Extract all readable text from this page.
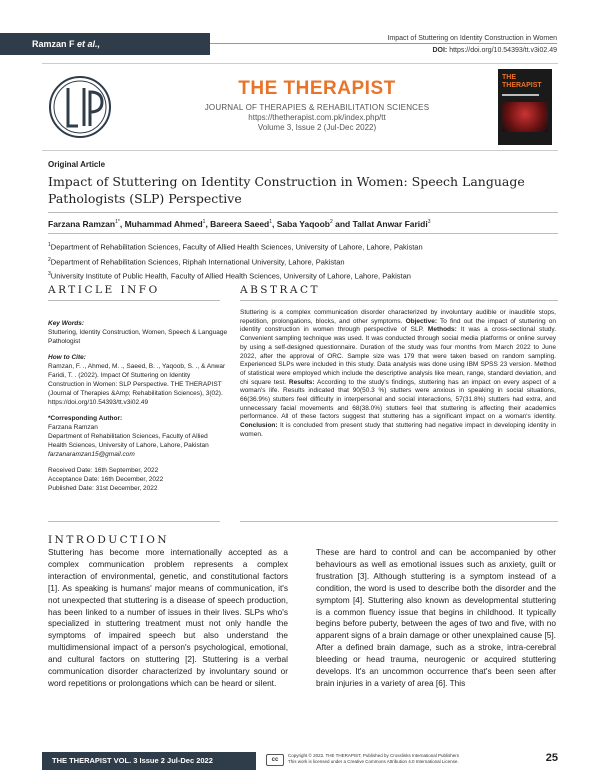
Ramzan F et al.,
Impact of Stuttering on Identity Construction in Women
DOI: https://doi.org/10.54393/tt.v3i02.49
THE THERAPIST
JOURNAL OF THERAPIES & REHABILITATION SCIENCES
https://thetherapist.com.pk/index.php/tt
Volume 3, Issue 2 (Jul-Dec 2022)
THE
THERAPIST
Original Article
Impact of Stuttering on Identity Construction in Women: Speech Language Pathologists (SLP) Perspective
Farzana Ramzan$^{1*}$, Muhammad Ahmed$^1$, Bareera Saeed$^1$, Saba Yaqoob$^2$ and Tallat Anwar Faridi$^3$
$^1$Department of Rehabilitation Sciences, Faculty of Allied Health Sciences, University of Lahore, Lahore, Pakistan
$^2$Department of Rehabilitation Sciences, Riphah International University, Lahore, Pakistan
$^3$University Institute of Public Health, Faculty of Allied Health Sciences, University of Lahore, Lahore, Pakistan
ARTICLE INFO
Key Words:
Stuttering, Identity Construction, Women, Speech & Language Pathologist
How to Cite:
Ramzan, F. ., Ahmed, M. ., Saeed, B. ., Yaqoob, S. ., & Anwar Faridi, T. . (2022). Impact Of Stuttering on Identity Construction in Women: SLP Perspective. THE THERAPIST (Journal of Therapies &Amp; Rehabilitation Sciences), 3(02). https://doi.org/10.54393/tt.v3i02.49
*Corresponding Author:
Farzana Ramzan
Department of Rehabilitation Sciences, Faculty of Allied Health Sciences, University of Lahore, Lahore, Pakistan
farzanaramzan15@gmail.com
Received Date: 16th September, 2022
Acceptance Date: 16th December, 2022
Published Date: 31st December, 2022
ABSTRACT
Stuttering is a complex communication disorder characterized by involuntary audible or inaudible stops, repetition, prolongations, blocks, and other symptoms. Objective: To find out the impact of stuttering on identity construction in women through perspective of SLP. Methods: It was a cross-sectional study. Convenient sampling technique was used. It was conducted through social media platforms or online survey by using a self-designed questionnaire. Duration of the study was four months from March 2022 to June 2022, after the approval of ORC. Sample size was 179 that were taken based on random sampling. Experienced SLPs were included in this study. Data analysis was done using IBM SPSS 23 version. Method of statistical were employed which include the descriptive analysis like mean, range, standard deviation, and chi square test. Results: According to the study's findings, stuttering has an impact on every aspect of a woman's life. Results indicated that 90(50.3 %) stutters were anxious in speaking in social situations, 66(36.9%) stutters feel difficulty in interpersonal and social interactions, 57(31.8%) stutters had extra, and unnecessary facial movements and 68(38.0%) stutters feel that stuttering is affecting their academics performance. All of these factors suggest that stuttering has a significant impact on a woman's identity. Conclusion: It is concluded from present study that stuttering had negative impact in developing identity in women.
INTRODUCTION
Stuttering has become more internationally accepted as a complex communication problem represents a complex interaction of environmental, genetic, and constitutional factors [1]. As speaking is humans' major means of communication, it's not unexpected that stuttering is a disease of speech production, has been linked to a number of issues in their lives. SLPs who's specialized in stuttering treatment must not only handle the symptoms of impaired speech but also understand the multidimensional impact of a person's psychological, emotional, and cultural factors on stuttering [2]. Stuttering is a verbal communication disorder characterized by involuntary sound or word repetitions or prolongations which can be heard or silent.
These are hard to control and can be accompanied by other behaviours as well as emotional issues such as anxiety, guilt or frustration [3]. Although stuttering is a symptom instead of a condition, the word is used to describe both the disorder and the symptom [4]. Stuttering also known as developmental stuttering is a common fluency issue that begins in childhood. It typically begins before puberty, between the ages of two and five, with no apparent signs of a brain damage or other unexplained cause [5]. After a defined brain damage, such as a stroke, intra-cerebral bleeding or head trauma, neurogenic or acquired stuttering develops. It's an uncommon occurrence that's been seen after brain injuries in a variety of area [6]. This
THE THERAPIST VOL. 3 Issue 2 Jul-Dec 2022	cc
Copyright © 2022. THE THERAPIST, Published by Crosslinks International Publishers
This work is licensed under a Creative Commons Attribution 4.0 International License.	25
